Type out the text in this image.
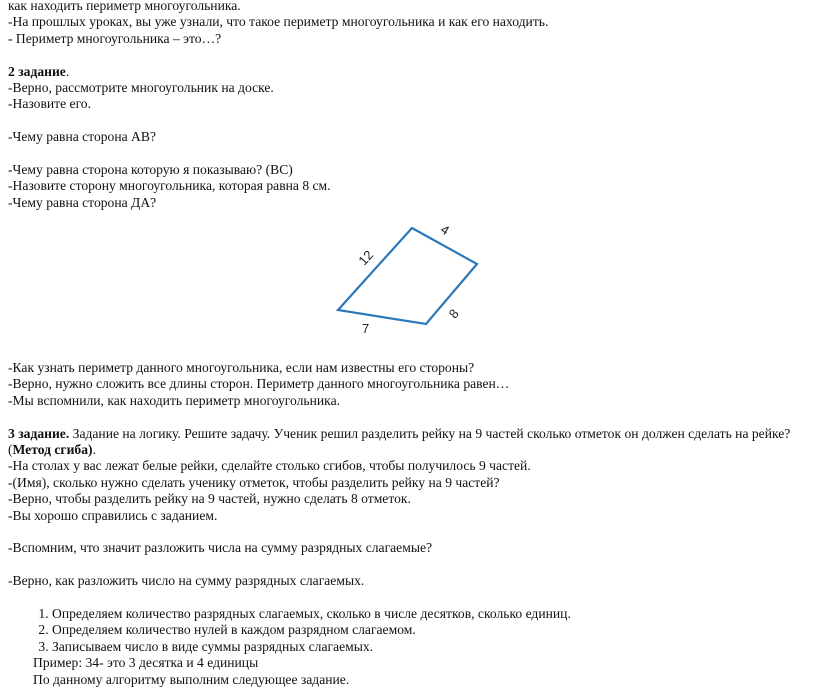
как находить периметр многоугольника.

-На прошлых уроках, вы уже узнали, что такое периметр многоугольника и как его находить.

- Периметр многоугольника – это…?

2 задание.

-Верно, рассмотрите многоугольник на доске.

-Назовите его.

-Чему равна сторона АВ?

-Чему равна сторона которую я показываю? (ВС)

-Назовите сторону многоугольника, которая равна 8 см.

-Чему равна сторона ДА?

-Как узнать периметр данного многоугольника, если нам известны его стороны?

-Верно, нужно сложить все длины сторон. Периметр данного многоугольника равен…

-Мы вспомнили, как находить периметр многоугольника.

3 задание. Задание на логику. Решите задачу. Ученик решил разделить рейку на 9 частей сколько отметок он должен сделать на рейке? (Метод сгиба).

-На столах у вас лежат белые рейки, сделайте столько сгибов, чтобы получилось 9 частей.

-(Имя), сколько нужно сделать ученику отметок, чтобы разделить рейку на 9 частей?

-Верно, чтобы разделить рейку на 9 частей, нужно сделать 8 отметок.

-Вы хорошо справились с заданием.

-Вспомним, что значит разложить числа на сумму разрядных слагаемые?

-Верно, как разложить число на сумму разрядных слагаемых.

1. Определяем количество разрядных слагаемых, сколько в числе десятков, сколько единиц.
2. Определяем количество нулей в каждом разрядном слагаемом.
3. Записываем число в виде суммы разрядных слагаемых.

Пример: 34- это 3 десятка и 4 единицы

По данному алгоритму выполним следующее задание.

12
4
8
7
